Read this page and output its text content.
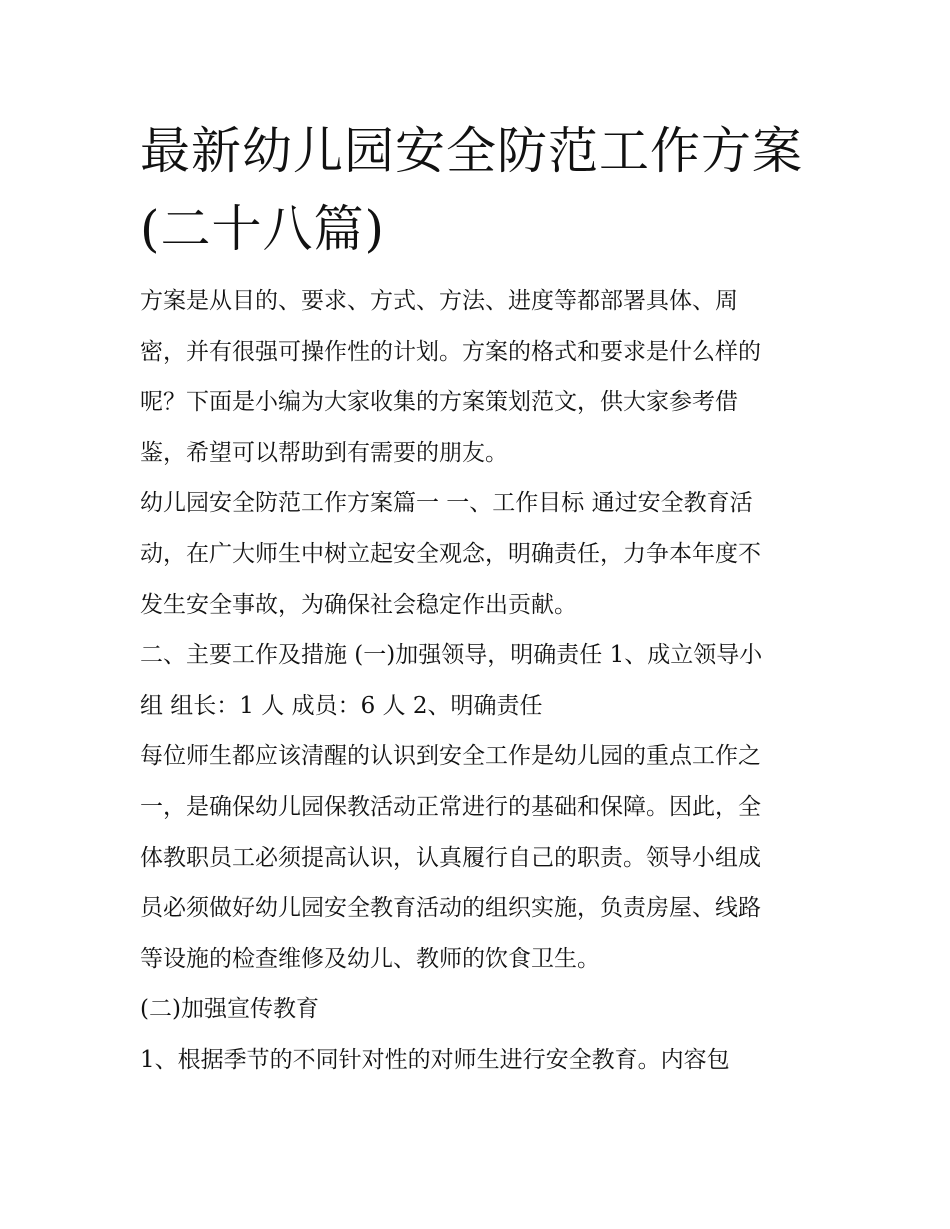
最新幼儿园安全防范工作方案
(二十八篇)
方案是从目的、要求、方式、方法、进度等都部署具体、周
密，并有很强可操作性的计划。方案的格式和要求是什么样的
呢？下面是小编为大家收集的方案策划范文，供大家参考借
鉴，希望可以帮助到有需要的朋友。
幼儿园安全防范工作方案篇一 一、工作目标 通过安全教育活
动，在广大师生中树立起安全观念，明确责任，力争本年度不
发生安全事故，为确保社会稳定作出贡献。
二、主要工作及措施 (一)加强领导，明确责任 1、成立领导小
组 组长：1 人 成员：6 人 2、明确责任
每位师生都应该清醒的认识到安全工作是幼儿园的重点工作之
一，是确保幼儿园保教活动正常进行的基础和保障。因此，全
体教职员工必须提高认识，认真履行自己的职责。领导小组成
员必须做好幼儿园安全教育活动的组织实施，负责房屋、线路
等设施的检查维修及幼儿、教师的饮食卫生。
(二)加强宣传教育
1、根据季节的不同针对性的对师生进行安全教育。内容包
